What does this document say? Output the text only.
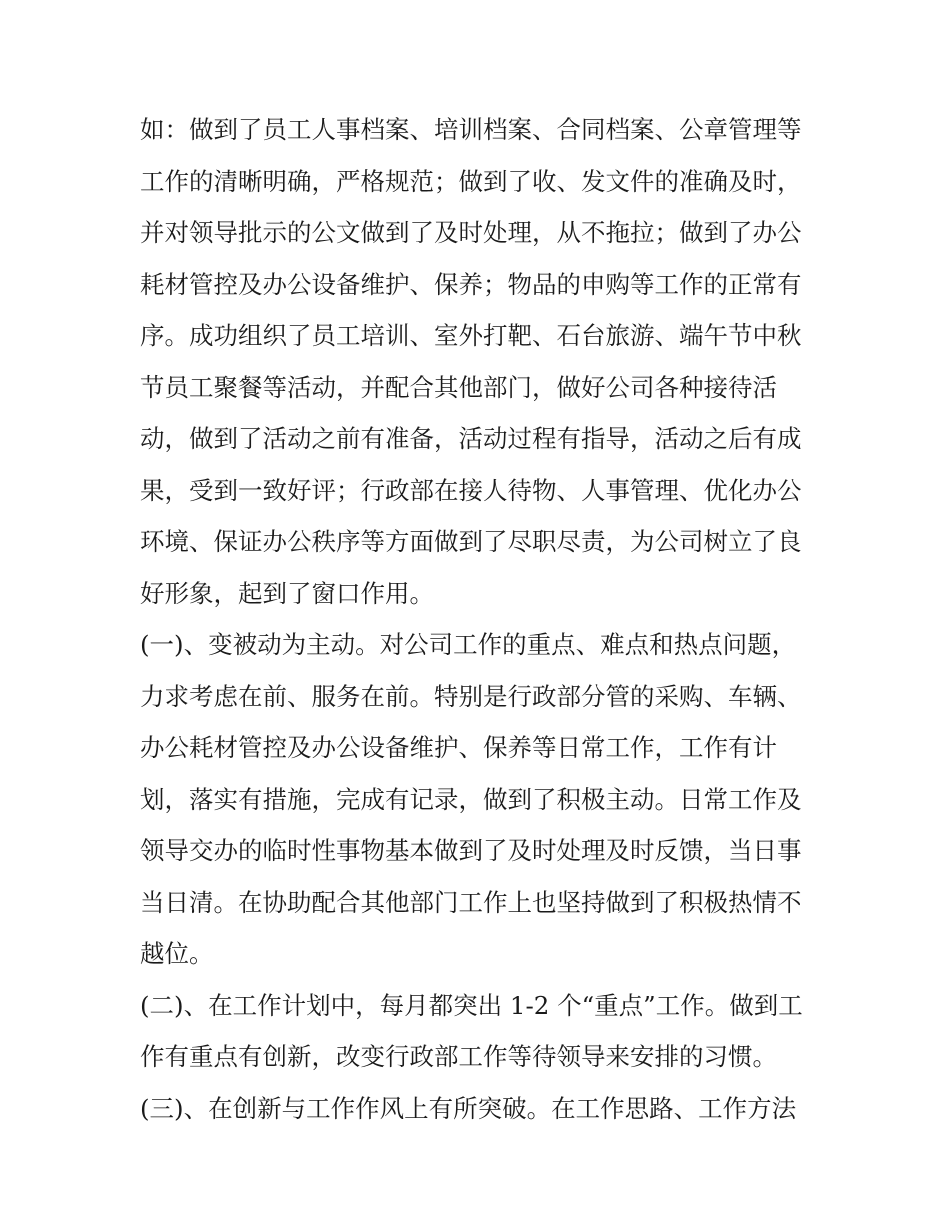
如：做到了员工人事档案、培训档案、合同档案、公章管理等
工作的清晰明确，严格规范；做到了收、发文件的准确及时，
并对领导批示的公文做到了及时处理，从不拖拉；做到了办公
耗材管控及办公设备维护、保养；物品的申购等工作的正常有
序。成功组织了员工培训、室外打靶、石台旅游、端午节中秋
节员工聚餐等活动，并配合其他部门，做好公司各种接待活
动，做到了活动之前有准备，活动过程有指导，活动之后有成
果，受到一致好评；行政部在接人待物、人事管理、优化办公
环境、保证办公秩序等方面做到了尽职尽责，为公司树立了良
好形象，起到了窗口作用。
(一)、变被动为主动。对公司工作的重点、难点和热点问题，
力求考虑在前、服务在前。特别是行政部分管的采购、车辆、
办公耗材管控及办公设备维护、保养等日常工作，工作有计
划，落实有措施，完成有记录，做到了积极主动。日常工作及
领导交办的临时性事物基本做到了及时处理及时反馈，当日事
当日清。在协助配合其他部门工作上也坚持做到了积极热情不
越位。
(二)、在工作计划中，每月都突出 1-2 个“重点”工作。做到工
作有重点有创新，改变行政部工作等待领导来安排的习惯。
(三)、在创新与工作作风上有所突破。在工作思路、工作方法
